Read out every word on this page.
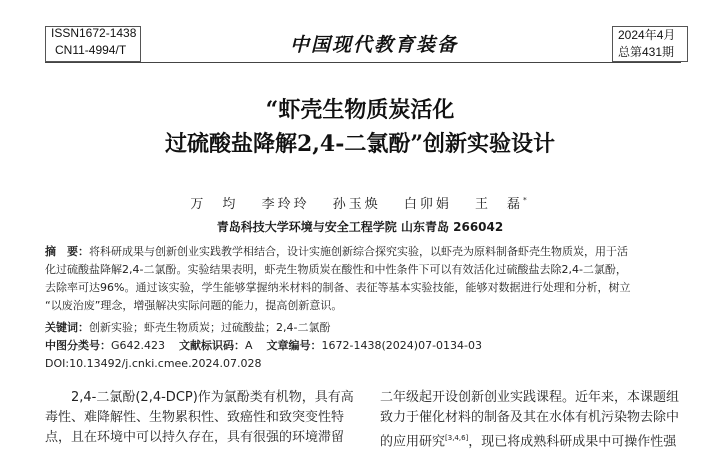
ISSN1672-1438
CN11-4994/T	中国现代教育装备	2024年4月
总第431期
“虾壳生物质炭活化
过硫酸盐降解2,4-二氯酚”创新实验设计
万　均　 李玲玲　 孙玉焕　 白卯娟　 王　磊*
青岛科技大学环境与安全工程学院 山东青岛 266042

摘　要：将科研成果与创新创业实践教学相结合，设计实施创新综合探究实验，以虾壳为原料制备虾壳生物质炭，用于活

化过硫酸盐降解2,4-二氯酚。实验结果表明，虾壳生物质炭在酸性和中性条件下可以有效活化过硫酸盐去除2,4-二氯酚，

去除率可达96%。通过该实验，学生能够掌握纳米材料的制备、表征等基本实验技能，能够对数据进行处理和分析，树立

“以废治废”理念，增强解决实际问题的能力，提高创新意识。

关键词：创新实验；虾壳生物质炭；过硫酸盐；2,4-二氯酚
中图分类号：G642.423 文献标识码：A 文章编号：1672-1438(2024)07-0134-03
DOI:10.13492/j.cnki.cmee.2024.07.028

2,4-二氯酚(2,4-DCP)作为氯酚类有机物，具有高

毒性、难降解性、生物累积性、致癌性和致突变性特

点，且在环境中可以持久存在，具有很强的环境滞留

二年级起开设创新创业实践课程。近年来，本课题组

致力于催化材料的制备及其在水体有机污染物去除中

的应用研究[3,4,6]，现已将成熟科研成果中可操作性强
